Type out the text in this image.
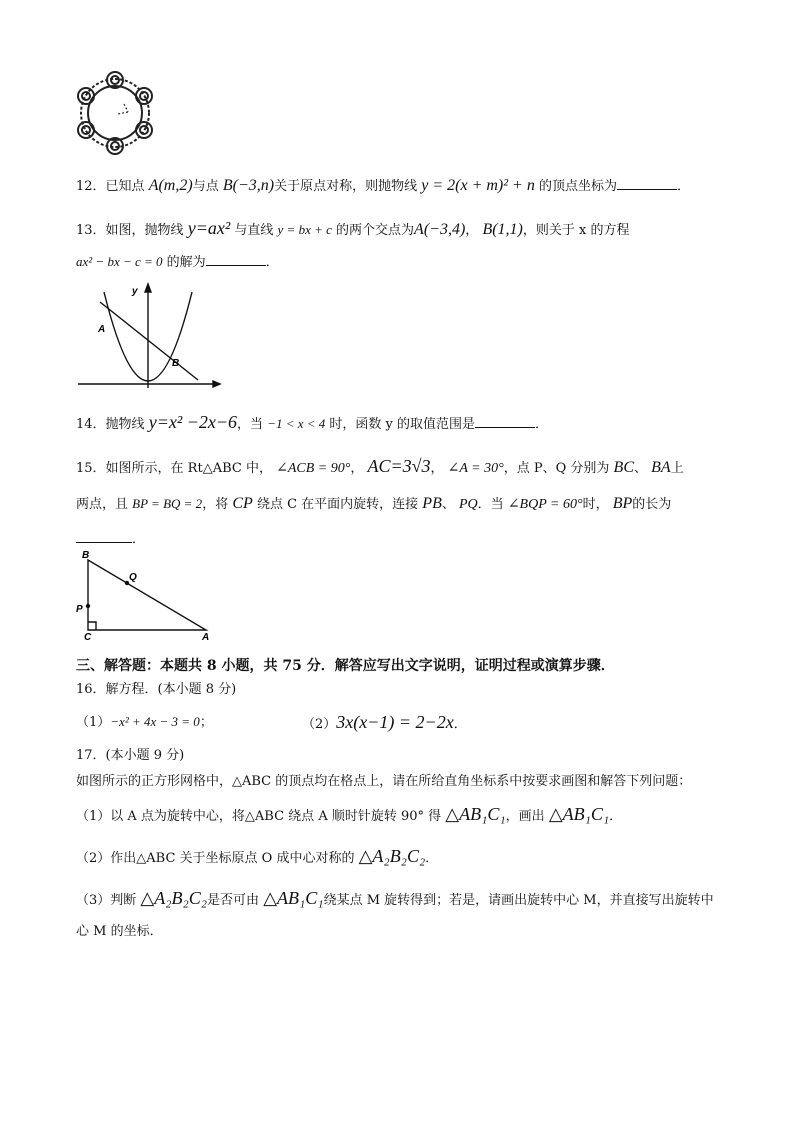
12．已知点 A(m,2)与点 B(−3,n)关于原点对称，则抛物线 y = 2(x + m)² + n 的顶点坐标为	．
13．如图，抛物线 y=ax² 与直线 y = bx + c 的两个交点为A(−3,4)， B(1,1)，则关于 x 的方程
ax² − bx − c = 0 的解为	．
y
A
B
14．抛物线 y=x² −2x−6，当 −1 < x < 4 时，函数 y 的取值范围是	．
15．如图所示，在 Rt△ABC 中， ∠ACB = 90°， AC=3√3， ∠A = 30°，点 P、Q 分别为 BC、 BA上
两点，且 BP = BQ = 2，将 CP 绕点 C 在平面内旋转，连接 PB、 PQ．当 ∠BQP = 60°时， BP的长为
．
B
Q
P
C	A
三、解答题：本题共 8 小题，共 75 分．解答应写出文字说明，证明过程或演算步骤．
16．解方程．(本小题 8 分)
（1）−x² + 4x − 3 = 0；	（2）3x(x−1) = 2−2x．
17．(本小题 9 分)
如图所示的正方形网格中，△ABC 的顶点均在格点上，请在所给直角坐标系中按要求画图和解答下列问题：
（1）以 A 点为旋转中心，将△ABC 绕点 A 顺时针旋转 90° 得 △AB₁C₁，画出 △AB₁C₁．
（2）作出△ABC 关于坐标原点 O 成中心对称的 △A₂B₂C₂．
（3）判断 △A₂B₂C₂是否可由 △AB₁C₁绕某点 M 旋转得到；若是，请画出旋转中心 M，并直接写出旋转中
心 M 的坐标．
